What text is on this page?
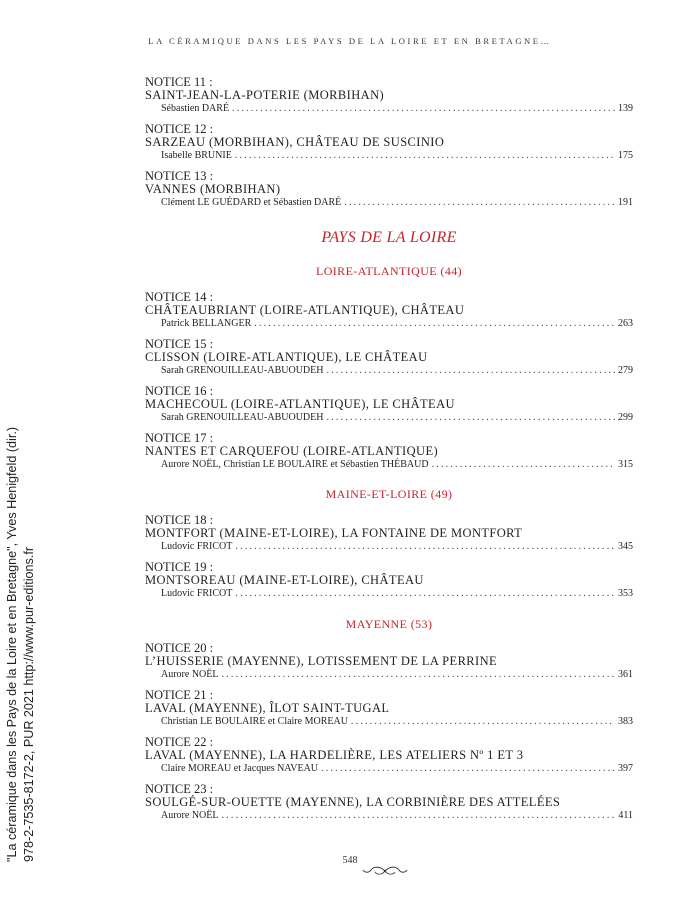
LA CÉRAMIQUE DANS LES PAYS DE LA LOIRE ET EN BRETAGNE…
NOTICE 11 :
SAINT-JEAN-LA-POTERIE (MORBIHAN)
Sébastien DARÉ .....	139
NOTICE 12 :
SARZEAU (MORBIHAN), CHÂTEAU DE SUSCINIO
Isabelle BRUNIE .....	175
NOTICE 13 :
VANNES (MORBIHAN)
Clément LE GUÉDARD et Sébastien DARÉ .....	191
PAYS DE LA LOIRE
LOIRE-ATLANTIQUE (44)
NOTICE 14 :
CHÂTEAUBRIANT (LOIRE-ATLANTIQUE), CHÂTEAU
Patrick BELLANGER .....	263
NOTICE 15 :
CLISSON (LOIRE-ATLANTIQUE), LE CHÂTEAU
Sarah GRENOUILLEAU-ABUOUDEH .....	279
NOTICE 16 :
MACHECOUL (LOIRE-ATLANTIQUE), LE CHÂTEAU
Sarah GRENOUILLEAU-ABUOUDEH .....	299
NOTICE 17 :
NANTES ET CARQUEFOU (LOIRE-ATLANTIQUE)
Aurore NOËL, Christian LE BOULAIRE et Sébastien THÉBAUD .....	315
MAINE-ET-LOIRE (49)
NOTICE 18 :
MONTFORT (MAINE-ET-LOIRE), LA FONTAINE DE MONTFORT
Ludovic FRICOT .....	345
NOTICE 19 :
MONTSOREAU (MAINE-ET-LOIRE), CHÂTEAU
Ludovic FRICOT .....	353
MAYENNE (53)
NOTICE 20 :
L’HUISSERIE (MAYENNE), LOTISSEMENT DE LA PERRINE
Aurore NOËL .....	361
NOTICE 21 :
LAVAL (MAYENNE), ÎLOT SAINT-TUGAL
Christian LE BOULAIRE et Claire MOREAU .....	383
NOTICE 22 :
LAVAL (MAYENNE), LA HARDELIÈRE, LES ATELIERS Nº 1 ET 3
Claire MOREAU et Jacques NAVEAU .....	397
NOTICE 23 :
SOULGÉ-SUR-OUETTE (MAYENNE), LA CORBINIÈRE DES ATTELÉES
Aurore NOËL .....	411
"La céramique dans les Pays de la Loire et en Bretagne", Yves Henigfeld (dir.) 978-2-7535-8172-2, PUR 2021 http://www.pur-editions.fr	548
